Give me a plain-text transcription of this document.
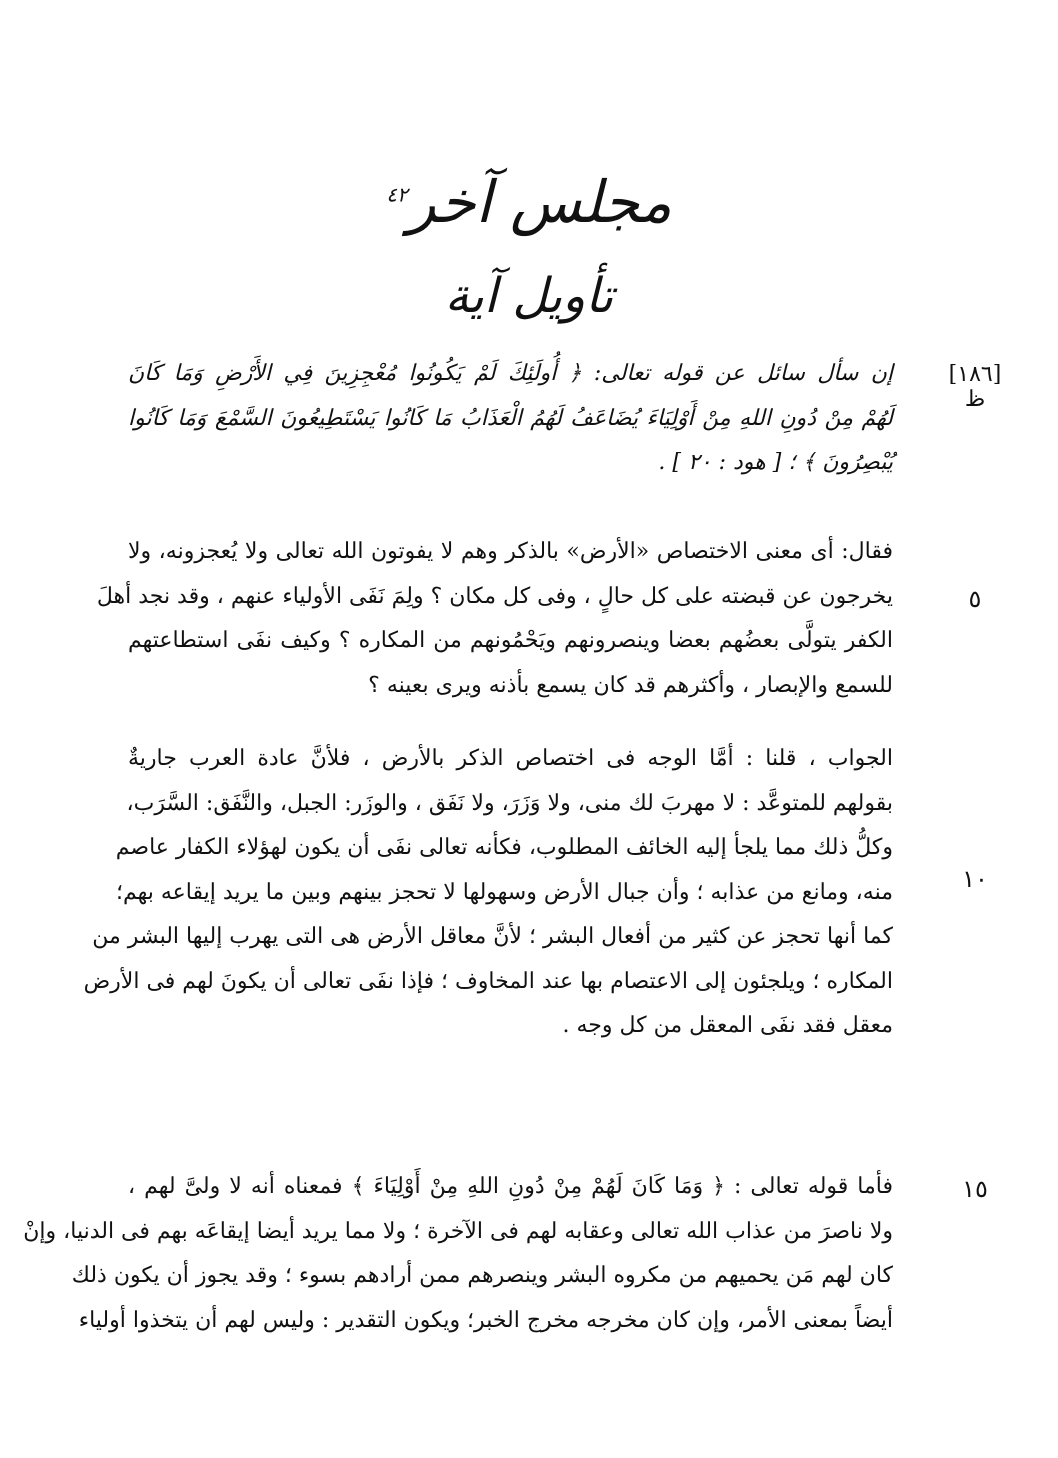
مجلس آخر$^{٤٢}$
تأويل آية
[١٨٦]
ظ
٥
١٠
١٥
إن سأل سائل عن قوله تعالى: ﴿ أُولَئِكَ لَمْ يَكُونُوا مُعْجِزِينَ فِي الأَرْضِ وَمَا كَانَ
لَهُمْ مِنْ دُونِ اللهِ مِنْ أَوْلِيَاءَ يُضَاعَفُ لَهُمُ الْعَذَابُ مَا كَانُوا يَسْتَطِيعُونَ السَّمْعَ وَمَا كَانُوا
يُبْصِرُونَ ﴾ ؛ [ هود : ٢٠ ] .
فقال: أى معنى الاختصاص «الأرض» بالذكر وهم لا يفوتون الله تعالى ولا يُعجزونه، ولا
يخرجون عن قبضته على كل حالٍ ، وفى كل مكان ؟ ولِمَ نَفَى الأولياء عنهم ، وقد نجد أهلَ
الكفر يتولَّى بعضُهم بعضا وينصرونهم ويَحْمُونهم من المكاره ؟ وكيف نفَى استطاعتهم
للسمع والإبصار ، وأكثرهم قد كان يسمع بأذنه ويرى بعينه ؟
الجواب ، قلنا : أمَّا الوجه فى اختصاص الذكر بالأرض ، فلأنَّ عادة العرب جاريةٌ
بقولهم للمتوعَّد : لا مهربَ لك منى، ولا وَزَرَ، ولا نَفَق ، والوزَر: الجبل، والنَّفَق: السَّرَب،
وكلُّ ذلك مما يلجأ إليه الخائف المطلوب، فكأنه تعالى نفَى أن يكون لهؤلاء الكفار عاصم
منه، ومانع من عذابه ؛ وأن جبال الأرض وسهولها لا تحجز بينهم وبين ما يريد إيقاعه بهم؛
كما أنها تحجز عن كثير من أفعال البشر ؛ لأنَّ معاقل الأرض هى التى يهرب إليها البشر من
المكاره ؛ ويلجئون إلى الاعتصام بها عند المخاوف ؛ فإذا نفَى تعالى أن يكونَ لهم فى الأرض
معقل فقد نفَى المعقل من كل وجه .
فأما قوله تعالى : ﴿ وَمَا كَانَ لَهُمْ مِنْ دُونِ اللهِ مِنْ أَوْلِيَاءَ ﴾ فمعناه أنه لا ولىَّ لهم ،
ولا ناصرَ من عذاب الله تعالى وعقابه لهم فى الآخرة ؛ ولا مما يريد أيضا إيقاعَه بهم فى الدنيا، وإنْ
كان لهم مَن يحميهم من مكروه البشر وينصرهم ممن أرادهم بسوء ؛ وقد يجوز أن يكون ذلك
أيضاً بمعنى الأمر، وإن كان مخرجه مخرج الخبر؛ ويكون التقدير : وليس لهم أن يتخذوا أولياء
